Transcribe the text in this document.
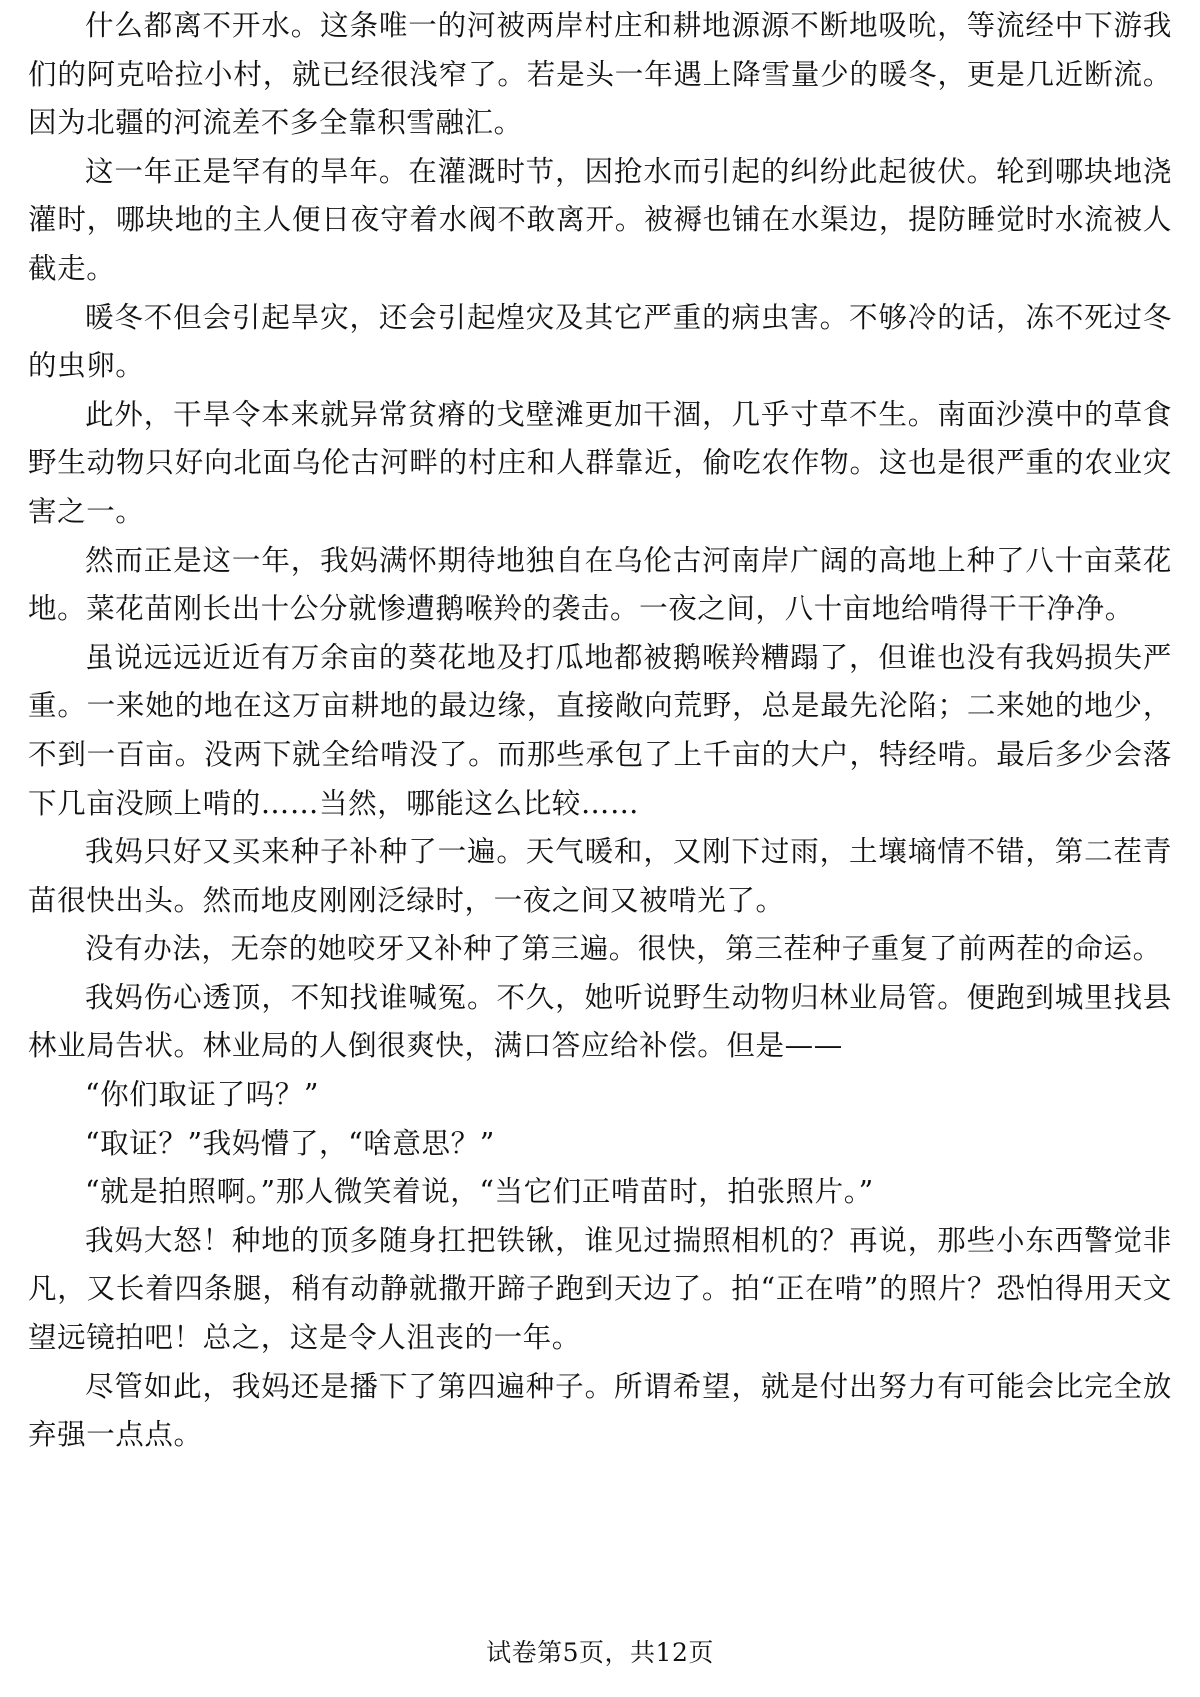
什么都离不开水。这条唯一的河被两岸村庄和耕地源源不断地吸吮，等流经中下游我们的阿克哈拉小村，就已经很浅窄了。若是头一年遇上降雪量少的暖冬，更是几近断流。因为北疆的河流差不多全靠积雪融汇。

这一年正是罕有的旱年。在灌溉时节，因抢水而引起的纠纷此起彼伏。轮到哪块地浇灌时，哪块地的主人便日夜守着水阀不敢离开。被褥也铺在水渠边，提防睡觉时水流被人截走。

暖冬不但会引起旱灾，还会引起煌灾及其它严重的病虫害。不够冷的话，冻不死过冬的虫卵。

此外，干旱令本来就异常贫瘠的戈壁滩更加干涸，几乎寸草不生。南面沙漠中的草食野生动物只好向北面乌伦古河畔的村庄和人群靠近，偷吃农作物。这也是很严重的农业灾害之一。

然而正是这一年，我妈满怀期待地独自在乌伦古河南岸广阔的高地上种了八十亩菜花地。菜花苗刚长出十公分就惨遭鹅喉羚的袭击。一夜之间，八十亩地给啃得干干净净。

虽说远远近近有万余亩的葵花地及打瓜地都被鹅喉羚糟蹋了，但谁也没有我妈损失严重。一来她的地在这万亩耕地的最边缘，直接敞向荒野，总是最先沦陷；二来她的地少，不到一百亩。没两下就全给啃没了。而那些承包了上千亩的大户，特经啃。最后多少会落下几亩没顾上啃的……当然，哪能这么比较……

我妈只好又买来种子补种了一遍。天气暖和，又刚下过雨，土壤墒情不错，第二茬青苗很快出头。然而地皮刚刚泛绿时，一夜之间又被啃光了。

没有办法，无奈的她咬牙又补种了第三遍。很快，第三茬种子重复了前两茬的命运。

我妈伤心透顶，不知找谁喊冤。不久，她听说野生动物归林业局管。便跑到城里找县林业局告状。林业局的人倒很爽快，满口答应给补偿。但是——

“你们取证了吗？”

“取证？”我妈懵了，“啥意思？”

“就是拍照啊。”那人微笑着说，“当它们正啃苗时，拍张照片。”

我妈大怒！种地的顶多随身扛把铁锹，谁见过揣照相机的？再说，那些小东西警觉非凡，又长着四条腿，稍有动静就撒开蹄子跑到天边了。拍“正在啃”的照片？恐怕得用天文望远镜拍吧！总之，这是令人沮丧的一年。

尽管如此，我妈还是播下了第四遍种子。所谓希望，就是付出努力有可能会比完全放弃强一点点。

试卷第5页，共12页
